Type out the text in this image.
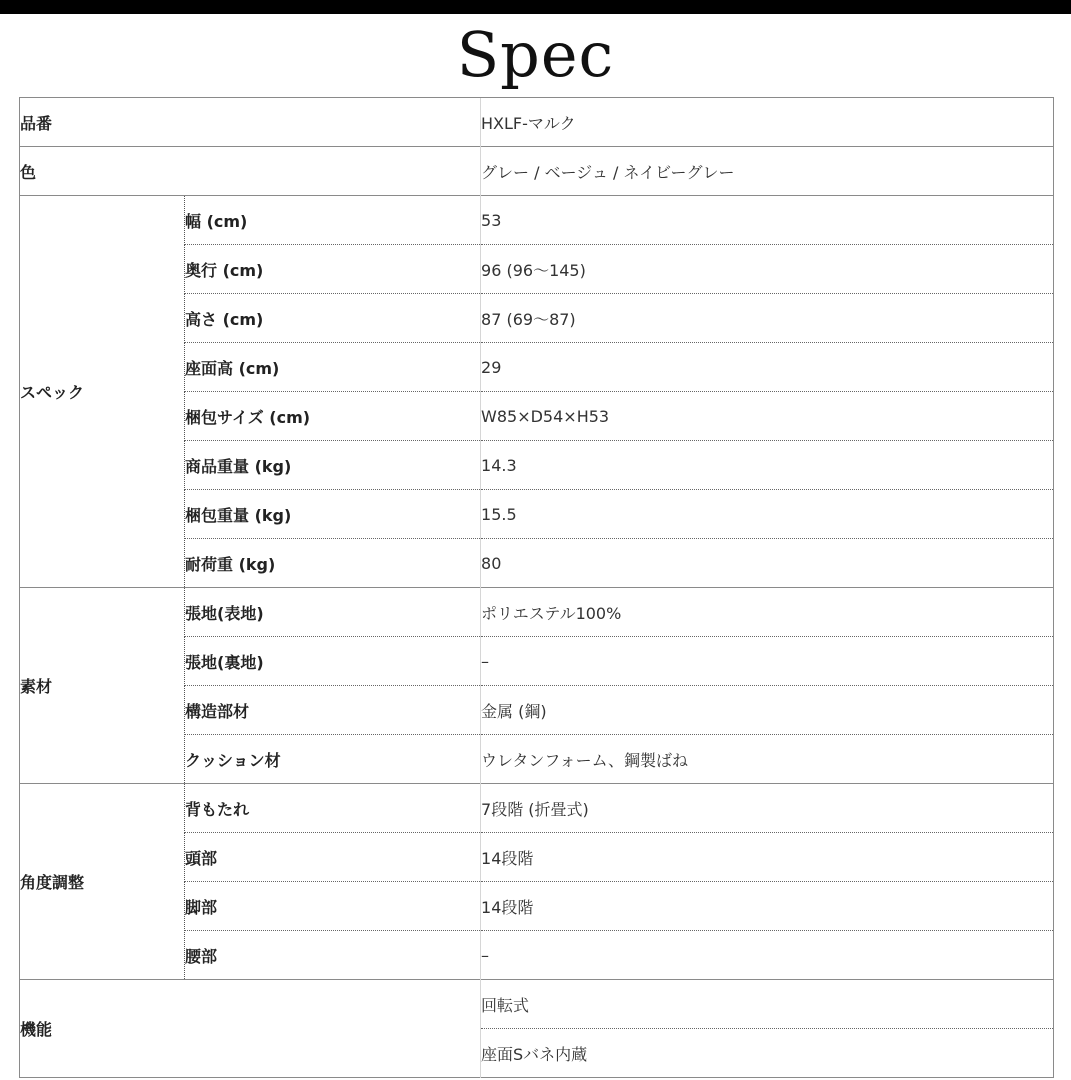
Spec
品番		HXLF-マルク
色		グレー / ベージュ / ネイビーグレー
スペック	幅 (cm)	53
	奥行 (cm)	96 (96〜145)
	高さ (cm)	87 (69〜87)
	座面高 (cm)	29
	梱包サイズ (cm)	W85×D54×H53
	商品重量 (kg)	14.3
	梱包重量 (kg)	15.5
	耐荷重 (kg)	80
素材	張地(表地)	ポリエステル100%
	張地(裏地)	–
	構造部材	金属 (鋼)
	クッション材	ウレタンフォーム、鋼製ばね
角度調整	背もたれ	7段階 (折畳式)
	頭部	14段階
	脚部	14段階
	腰部	–
機能		回転式
		座面Sバネ内蔵
